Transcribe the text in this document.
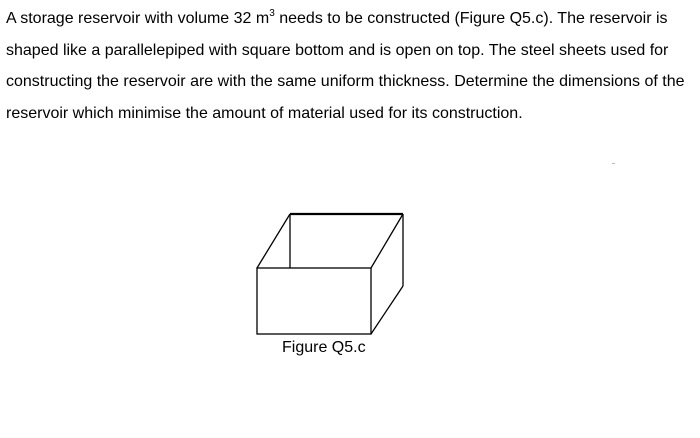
A storage reservoir with volume 32 $m^3$ needs to be constructed (Figure Q5.c). The reservoir is shaped like a parallelepiped with square bottom and is open on top. The steel sheets used for constructing the reservoir are with the same uniform thickness. Determine the dimensions of the reservoir which minimise the amount of material used for its construction.

Figure Q5.c
